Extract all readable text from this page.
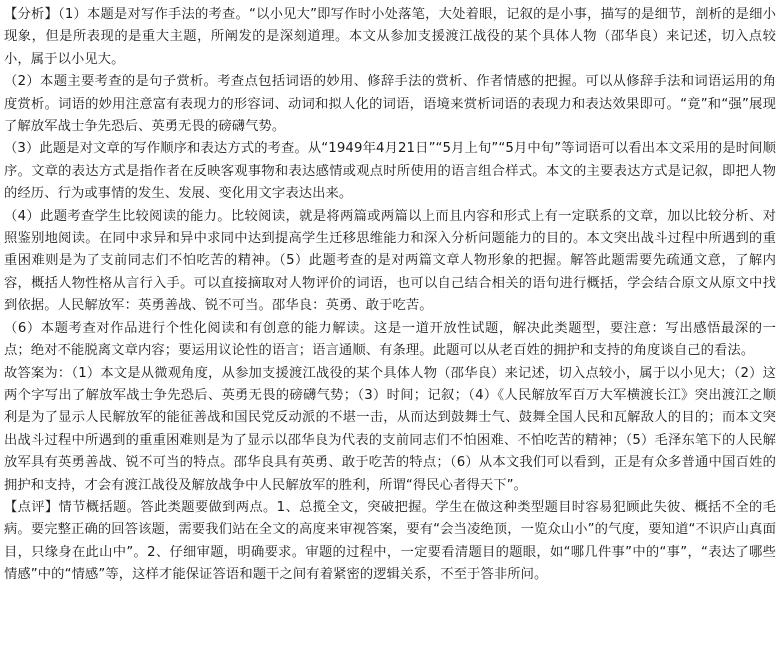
【分析】（1）本题是对写作手法的考查。“以小见大”即写作时小处落笔，大处着眼，记叙的是小事，描写的是细节，剖析的是细小现象，但是所表现的是重大主题，所阐发的是深刻道理。本文从参加支援渡江战役的某个具体人物（邵华良）来记述，切入点较小，属于以小见大。

（2）本题主要考查的是句子赏析。考查点包括词语的妙用、修辞手法的赏析、作者情感的把握。可以从修辞手法和词语运用的角度赏析。词语的妙用注意富有表现力的形容词、动词和拟人化的词语，语境来赏析词语的表现力和表达效果即可。“竟”和“强”展现了解放军战士争先恐后、英勇无畏的磅礴气势。

（3）此题是对文章的写作顺序和表达方式的考查。从“1949年4月21日”“5月上旬”“5月中旬”等词语可以看出本文采用的是时间顺序。文章的表达方式是指作者在反映客观事物和表达感情或观点时所使用的语言组合样式。本文的主要表达方式是记叙，即把人物的经历、行为或事情的发生、发展、变化用文字表达出来。

（4）此题考查学生比较阅读的能力。比较阅读，就是将两篇或两篇以上而且内容和形式上有一定联系的文章，加以比较分析、对照鉴别地阅读。在同中求异和异中求同中达到提高学生迁移思维能力和深入分析问题能力的目的。本文突出战斗过程中所遇到的重重困难则是为了支前同志们不怕吃苦的精神。（5）此题考查的是对两篇文章人物形象的把握。解答此题需要先疏通文意，了解内容，概括人物性格从言行入手。可以直接摘取对人物评价的词语，也可以自己结合相关的语句进行概括，学会结合原文从原文中找到依据。人民解放军：英勇善战、锐不可当。邵华良：英勇、敢于吃苦。

（6）本题考查对作品进行个性化阅读和有创意的能力解读。这是一道开放性试题，解决此类题型，要注意：写出感悟最深的一点；绝对不能脱离文章内容；要运用议论性的语言；语言通顺、有条理。此题可以从老百姓的拥护和支持的角度谈自己的看法。

故答案为：（1）本文是从微观角度，从参加支援渡江战役的某个具体人物（邵华良）来记述，切入点较小，属于以小见大；（2）这两个字写出了解放军战士争先恐后、英勇无畏的磅礴气势；（3）时间；记叙；（4）《人民解放军百万大军横渡长江》突出渡江之顺利是为了显示人民解放军的能征善战和国民党反动派的不堪一击，从而达到鼓舞士气、鼓舞全国人民和瓦解敌人的目的；而本文突出战斗过程中所遇到的重重困难则是为了显示以邵华良为代表的支前同志们不怕困难、不怕吃苦的精神；（5）毛泽东笔下的人民解放军具有英勇善战、锐不可当的特点。邵华良具有英勇、敢于吃苦的特点；（6）从本文我们可以看到，正是有众多普通中国百姓的拥护和支持，才会有渡江战役及解放战争中人民解放军的胜利，所谓“得民心者得天下”。

【点评】情节概括题。答此类题要做到两点。1、总揽全文，突破把握。学生在做这种类型题目时容易犯顾此失彼、概括不全的毛病。要完整正确的回答该题，需要我们站在全文的高度来审视答案，要有“会当凌绝顶，一览众山小”的气度，要知道“不识庐山真面目，只缘身在此山中”。2、仔细审题，明确要求。审题的过程中，一定要看清题目的题眼，如“哪几件事”中的“事”，“表达了哪些情感”中的“情感”等，这样才能保证答语和题干之间有着紧密的逻辑关系，不至于答非所问。
